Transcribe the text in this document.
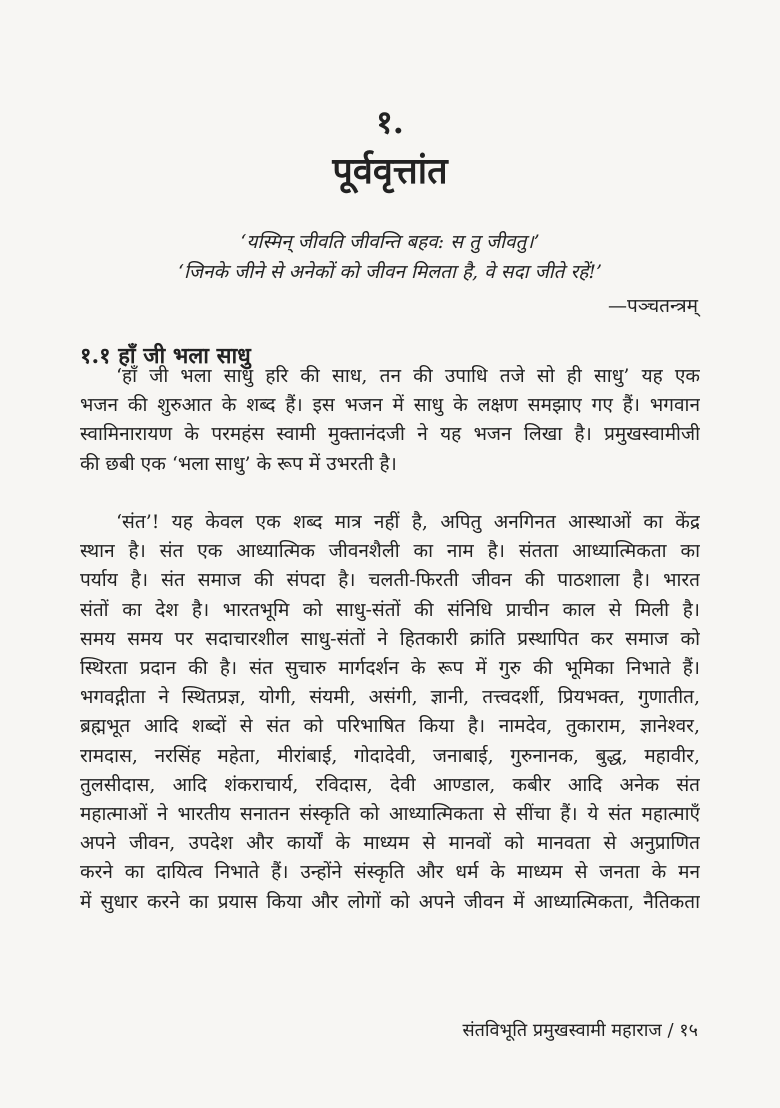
१.
पूर्ववृत्तांत
‘यस्मिन् जीवति जीवन्ति बहव: स तु जीवतु।’
‘जिनके जीने से अनेकों को जीवन मिलता है, वे सदा जीते रहें!’
—पञ्चतन्त्रम्
१.१ हाँ जी भला साधु
‘हाँ जी भला साधु हरि की साध, तन की उपाधि तजे सो ही साधु’ यह एक
भजन की शुरुआत के शब्द हैं। इस भजन में साधु के लक्षण समझाए गए हैं। भगवान
स्वामिनारायण के परमहंस स्वामी मुक्तानंदजी ने यह भजन लिखा है। प्रमुखस्वामीजी
की छबी एक ‘भला साधु’ के रूप में उभरती है।
‘संत’! यह केवल एक शब्द मात्र नहीं है, अपितु अनगिनत आस्थाओं का केंद्र
स्थान है। संत एक आध्यात्मिक जीवनशैली का नाम है। संतता आध्यात्मिकता का
पर्याय है। संत समाज की संपदा है। चलती-फिरती जीवन की पाठशाला है। भारत
संतों का देश है। भारतभूमि को साधु-संतों की संनिधि प्राचीन काल से मिली है।
समय समय पर सदाचारशील साधु-संतों ने हितकारी क्रांति प्रस्थापित कर समाज को
स्थिरता प्रदान की है। संत सुचारु मार्गदर्शन के रूप में गुरु की भूमिका निभाते हैं।
भगवद्गीता ने स्थितप्रज्ञ, योगी, संयमी, असंगी, ज्ञानी, तत्त्वदर्शी, प्रियभक्त, गुणातीत,
ब्रह्मभूत आदि शब्दों से संत को परिभाषित किया है। नामदेव, तुकाराम, ज्ञानेश्वर,
रामदास, नरसिंह महेता, मीरांबाई, गोदादेवी, जनाबाई, गुरुनानक, बुद्ध, महावीर,
तुलसीदास, आदि शंकराचार्य, रविदास, देवी आण्डाल, कबीर आदि अनेक संत
महात्माओं ने भारतीय सनातन संस्कृति को आध्यात्मिकता से सींचा हैं। ये संत महात्माएँ
अपने जीवन, उपदेश और कार्यों के माध्यम से मानवों को मानवता से अनुप्राणित
करने का दायित्व निभाते हैं। उन्होंने संस्कृति और धर्म के माध्यम से जनता के मन
में सुधार करने का प्रयास किया और लोगों को अपने जीवन में आध्यात्मिकता, नैतिकता
संतविभूति प्रमुखस्वामी महाराज / १५
